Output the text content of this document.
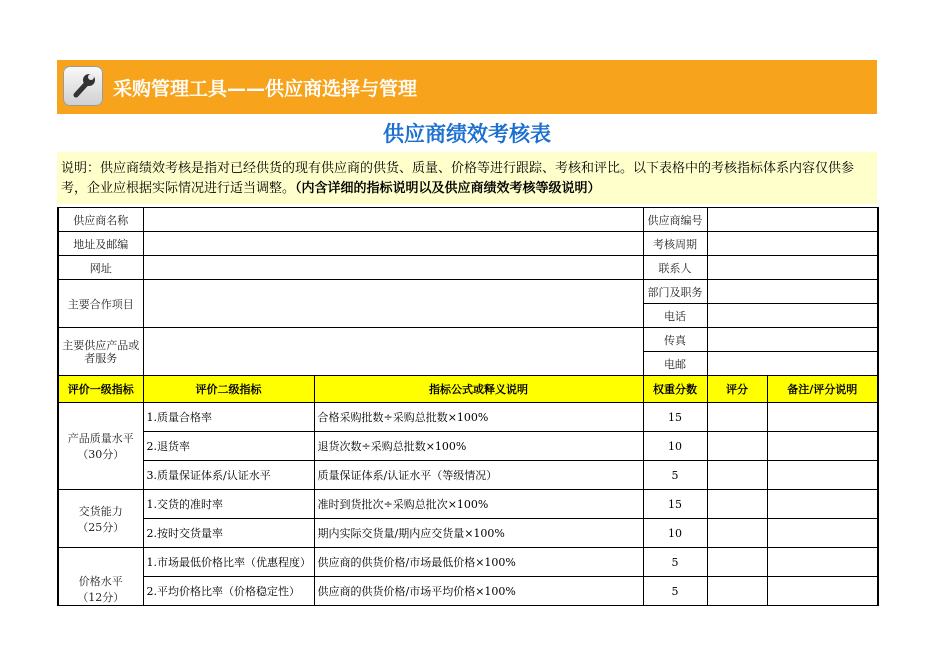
采购管理工具——供应商选择与管理
供应商绩效考核表
说明：供应商绩效考核是指对已经供货的现有供应商的供货、质量、价格等进行跟踪、考核和评比。以下表格中的考核指标体系内容仅供参考，企业应根据实际情况进行适当调整。（内含详细的指标说明以及供应商绩效考核等级说明）
供应商名称			供应商编号		
地址及邮编			考核周期		
网址			联系人		
主要合作项目			部门及职务		
			电话		
主要供应产品或者服务			传真		
			电邮		
评价一级指标	评价二级指标	指标公式或释义说明	权重分数	评分	备注/评分说明
产品质量水平
（30分）	1.质量合格率	合格采购批数÷采购总批数×100%	15		
	2.退货率	退货次数÷采购总批数×100%	10		
	3.质量保证体系/认证水平	质量保证体系/认证水平（等级情况）	5		
交货能力
（25分）	1.交货的准时率	准时到货批次÷采购总批次×100%	15		
	2.按时交货量率	期内实际交货量/期内应交货量×100%	10		
价格水平
（12分）	1.市场最低价格比率（优惠程度）	供应商的供货价格/市场最低价格×100%	5		
	2.平均价格比率（价格稳定性）	供应商的供货价格/市场平均价格×100%	5		
